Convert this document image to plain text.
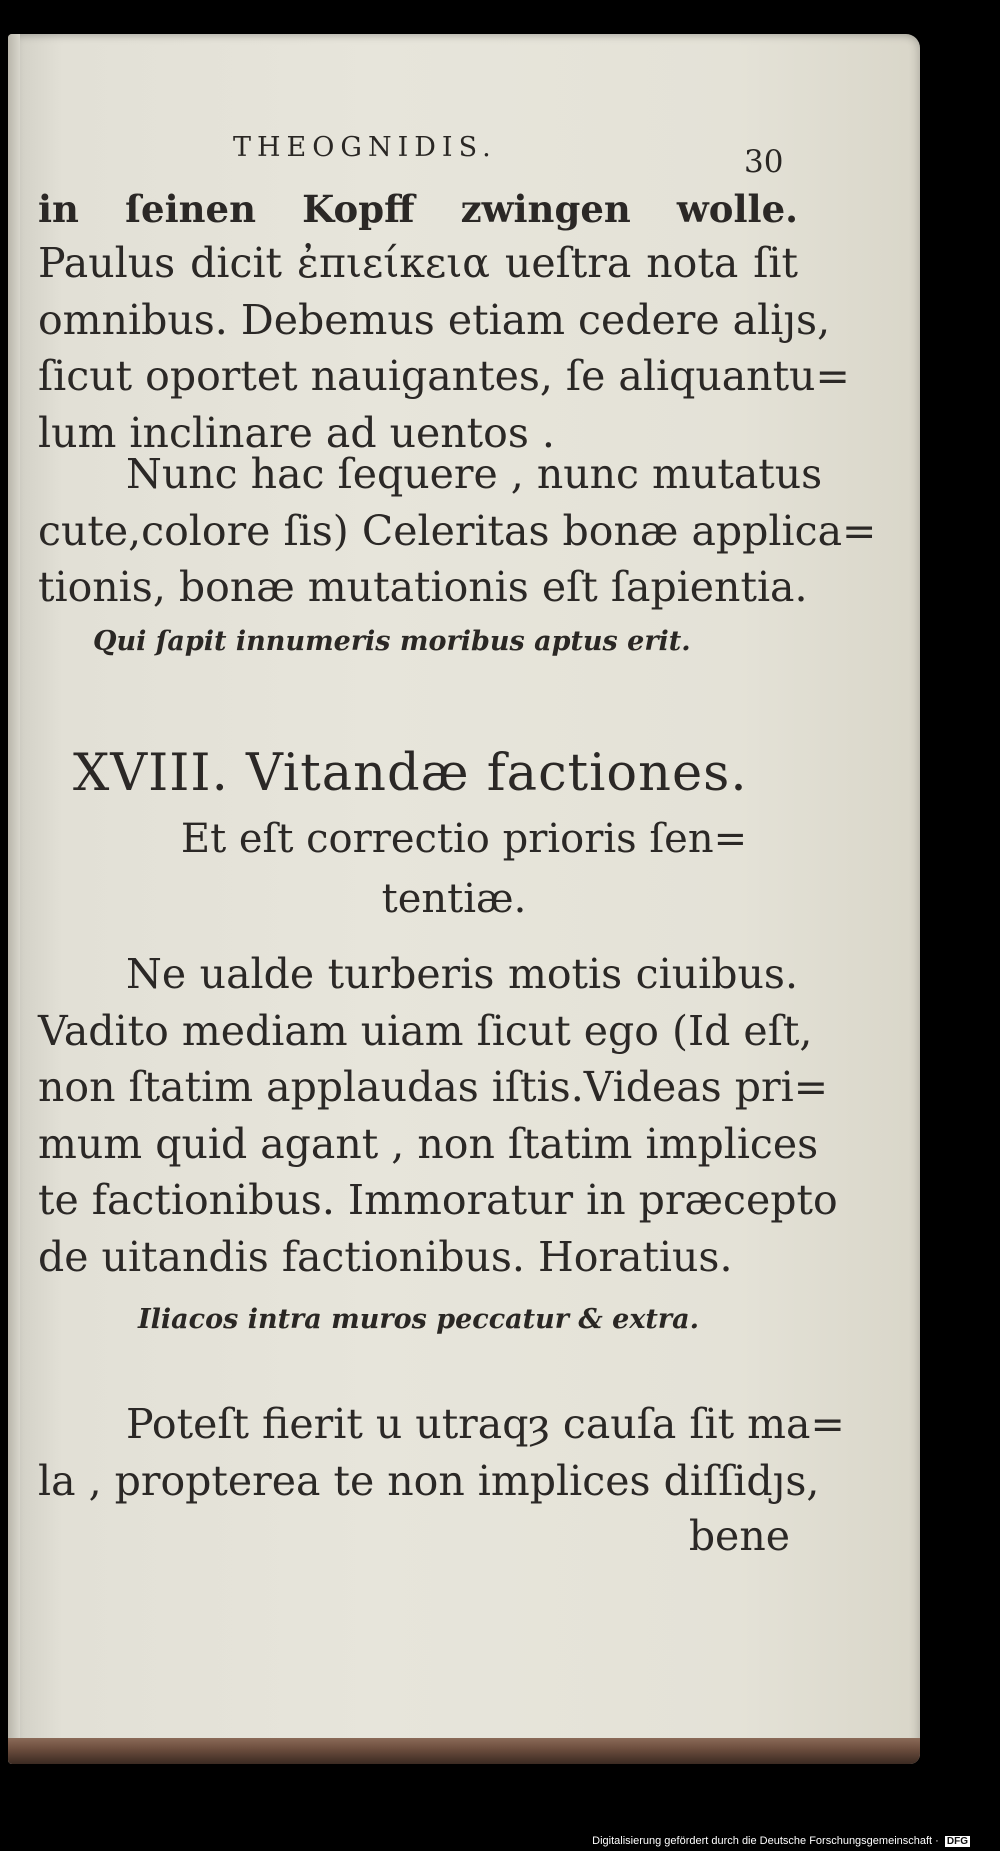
THEOGNIDIS.	30
in ſeinen Kopff zwingen wolle.
Paulus dicit ἐπιείκεια ueſtra nota ſit
omnibus. Debemus etiam cedere aliȷs,
ſicut oportet nauigantes, ſe aliquantu=
lum inclinare ad uentos .
Nunc hac ſequere , nunc mutatus
cute,colore ſis) Celeritas bonæ applica=
tionis, bonæ mutationis eſt ſapientia.
Qui ſapit innumeris moribus aptus erit.
XVIII. Vitandæ factiones.
Et eſt correctio prioris ſen=
tentiæ.
Ne ualde turberis motis ciuibus.
Vadito mediam uiam ſicut ego (Id eſt,
non ſtatim applaudas iſtis.Videas pri=
mum quid agant , non ſtatim implices
te factionibus. Immoratur in præcepto
de uitandis factionibus. Horatius.
Iliacos intra muros peccatur & extra.
Poteſt fierit u utraqȝ cauſa ſit ma=
la , propterea te non implices diſſidȷs,
bene
Digitalisierung gefördert durch die Deutsche Forschungsgemeinschaft · DFG
